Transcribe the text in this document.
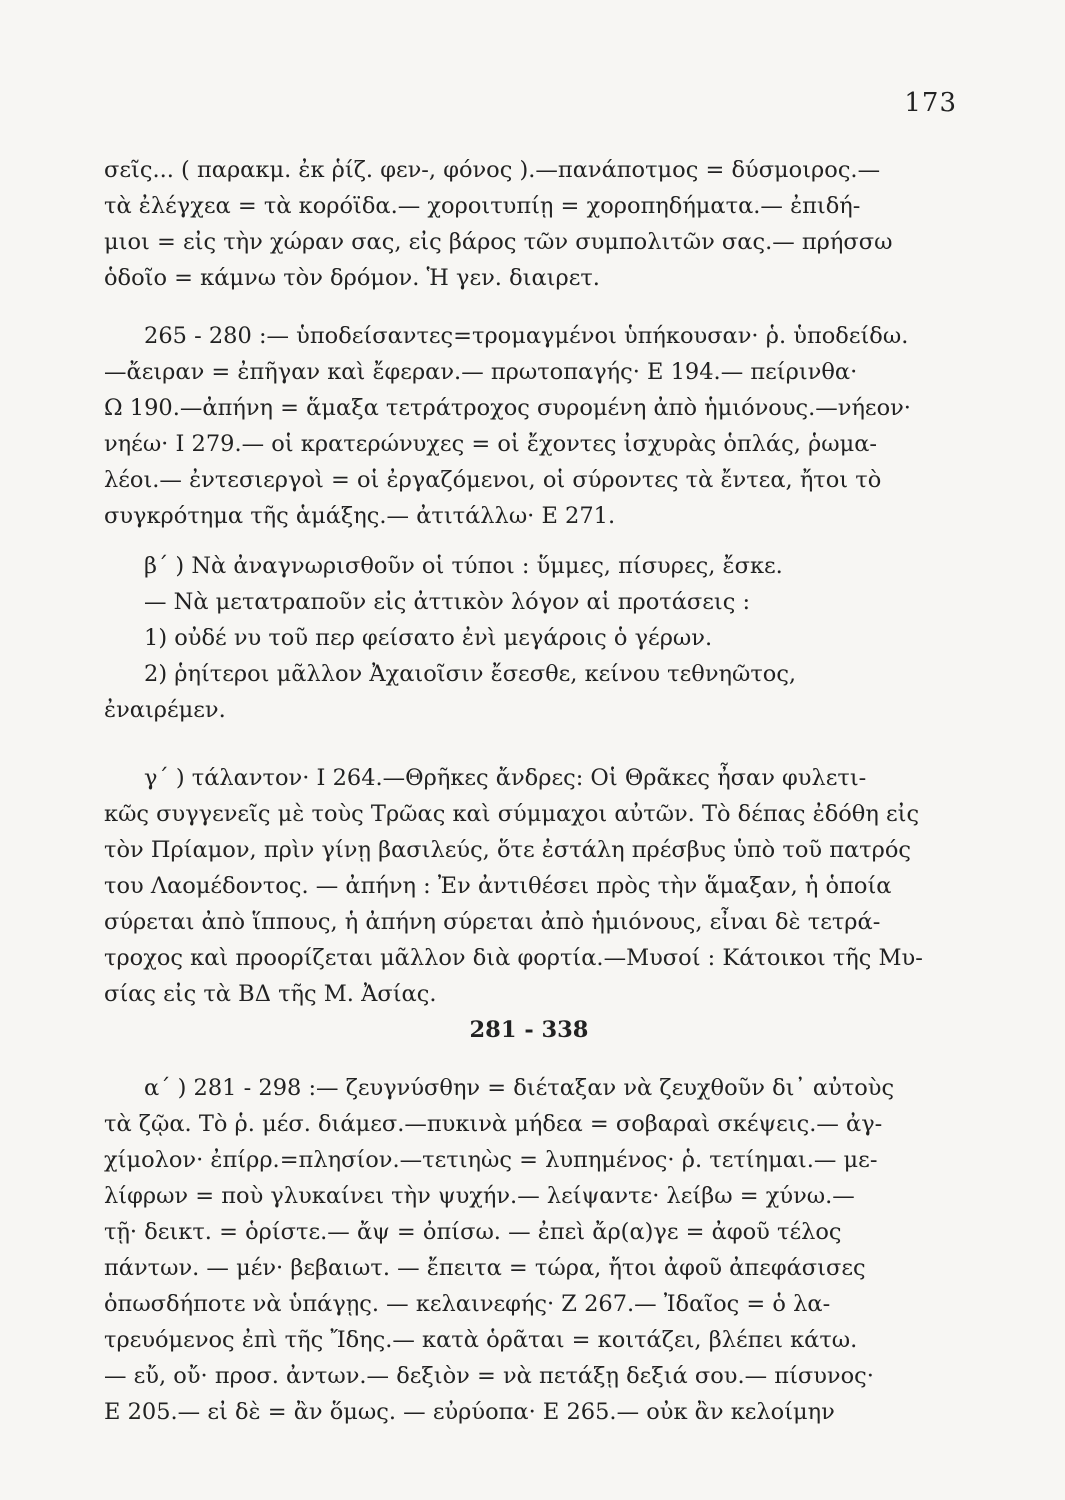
173
σεῖς... ( παρακμ. ἐκ ῥίζ. φεν-, φόνος ).—πανάποτμος = δύσμοιρος.—
τὰ ἐλέγχεα = τὰ κορόϊδα.— χοροιτυπίῃ = χοροπηδήματα.— ἐπιδή-
μιοι = εἰς τὴν χώραν σας, εἰς βάρος τῶν συμπολιτῶν σας.— πρήσσω
ὁδοῖο = κάμνω τὸν δρόμον. Ἡ γεν. διαιρετ.
265 - 280 :— ὑποδείσαντες=τρομαγμένοι ὑπήκουσαν· ῥ. ὑποδείδω.
—ἄειραν = ἐπῆγαν καὶ ἔφεραν.— πρωτοπαγής· Ε 194.— πείρινθα·
Ω 190.—ἀπήνη = ἅμαξα τετράτροχος συρομένη ἀπὸ ἡμιόνους.—νήεον·
νηέω· Ι 279.— οἱ κρατερώνυχες = οἱ ἔχοντες ἰσχυρὰς ὁπλάς, ῥωμα-
λέοι.— ἐντεσιεργοὶ = οἱ ἐργαζόμενοι, οἱ σύροντες τὰ ἔντεα, ἤτοι τὸ
συγκρότημα τῆς ἁμάξης.— ἀτιτάλλω· Ε 271.
β΄ ) Νὰ ἀναγνωρισθοῦν οἱ τύποι : ὕμμες, πίσυρες, ἔσκε.
— Νὰ μετατραποῦν εἰς ἀττικὸν λόγον αἱ προτάσεις :
1) οὐδέ νυ τοῦ περ φείσατο ἐνὶ μεγάροις ὁ γέρων.
2) ῥηίτεροι μᾶλλον Ἀχαιοῖσιν ἔσεσθε, κείνου τεθνηῶτος,
ἐναιρέμεν.
γ΄ ) τάλαντον· Ι 264.—Θρῆκες ἄνδρες: Οἱ Θρᾶκες ἦσαν φυλετι-
κῶς συγγενεῖς μὲ τοὺς Τρῶας καὶ σύμμαχοι αὐτῶν. Τὸ δέπας ἐδόθη εἰς
τὸν Πρίαμον, πρὶν γίνῃ βασιλεύς, ὅτε ἐστάλη πρέσβυς ὑπὸ τοῦ πατρός
του Λαομέδοντος. — ἀπήνη : Ἐν ἀντιθέσει πρὸς τὴν ἅμαξαν, ἡ ὁποία
σύρεται ἀπὸ ἵππους, ἡ ἀπήνη σύρεται ἀπὸ ἡμιόνους, εἶναι δὲ τετρά-
τροχος καὶ προορίζεται μᾶλλον διὰ φορτία.—Μυσοί : Κάτοικοι τῆς Μυ-
σίας εἰς τὰ ΒΔ τῆς Μ. Ἀσίας.
281 - 338
α΄ ) 281 - 298 :— ζευγνύσθην = διέταξαν νὰ ζευχθοῦν δι᾿ αὐτοὺς
τὰ ζῷα. Τὸ ῥ. μέσ. διάμεσ.—πυκινὰ μήδεα = σοβαραὶ σκέψεις.— ἀγ-
χίμολον· ἐπίρρ.=πλησίον.—τετιηὼς = λυπημένος· ῥ. τετίημαι.— με-
λίφρων = ποὺ γλυκαίνει τὴν ψυχήν.— λείψαντε· λείβω = χύνω.—
τῇ· δεικτ. = ὁρίστε.— ἄψ = ὀπίσω. — ἐπεὶ ἄρ(α)γε = ἀφοῦ τέλος
πάντων. — μέν· βεβαιωτ. — ἔπειτα = τώρα, ἤτοι ἀφοῦ ἀπεφάσισες
ὁπωσδήποτε νὰ ὑπάγῃς. — κελαινεφής· Ζ 267.— Ἰδαῖος = ὁ λα-
τρευόμενος ἐπὶ τῆς Ἴδης.— κατὰ ὁρᾶται = κοιτάζει, βλέπει κάτω.
— εὔ, οὔ· προσ. ἀντων.— δεξιὸν = νὰ πετάξῃ δεξιά σου.— πίσυνος·
Ε 205.— εἰ δὲ = ἂν ὅμως. — εὐρύοπα· Ε 265.— οὐκ ἂν κελοίμην
